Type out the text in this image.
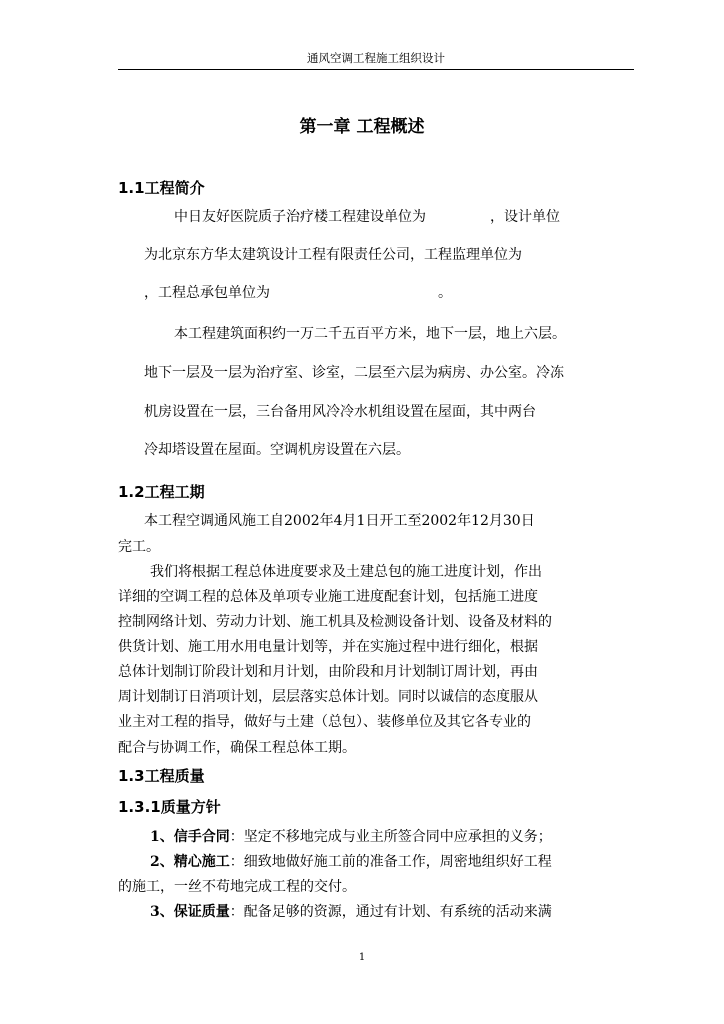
通风空调工程施工组织设计
第一章 工程概述
1.1工程简介
中日友好医院质子治疗楼工程建设单位为	，设计单位
为北京东方华太建筑设计工程有限责任公司，工程监理单位为
，工程总承包单位为	。
本工程建筑面积约一万二千五百平方米，地下一层，地上六层。
地下一层及一层为治疗室、诊室，二层至六层为病房、办公室。冷冻
机房设置在一层，三台备用风冷冷水机组设置在屋面，其中两台
冷却塔设置在屋面。空调机房设置在六层。
1.2工程工期
本工程空调通风施工自2002年4月1日开工至2002年12月30日
完工。
我们将根据工程总体进度要求及土建总包的施工进度计划，作出
详细的空调工程的总体及单项专业施工进度配套计划，包括施工进度
控制网络计划、劳动力计划、施工机具及检测设备计划、设备及材料的
供货计划、施工用水用电量计划等，并在实施过程中进行细化，根据
总体计划制订阶段计划和月计划，由阶段和月计划制订周计划，再由
周计划制订日消项计划，层层落实总体计划。同时以诚信的态度服从
业主对工程的指导，做好与土建（总包）、装修单位及其它各专业的
配合与协调工作，确保工程总体工期。
1.3工程质量
1.3.1质量方针
1、信手合同：坚定不移地完成与业主所签合同中应承担的义务；
2、精心施工：细致地做好施工前的准备工作，周密地组织好工程
的施工，一丝不苟地完成工程的交付。
3、保证质量：配备足够的资源，通过有计划、有系统的活动来满
1
